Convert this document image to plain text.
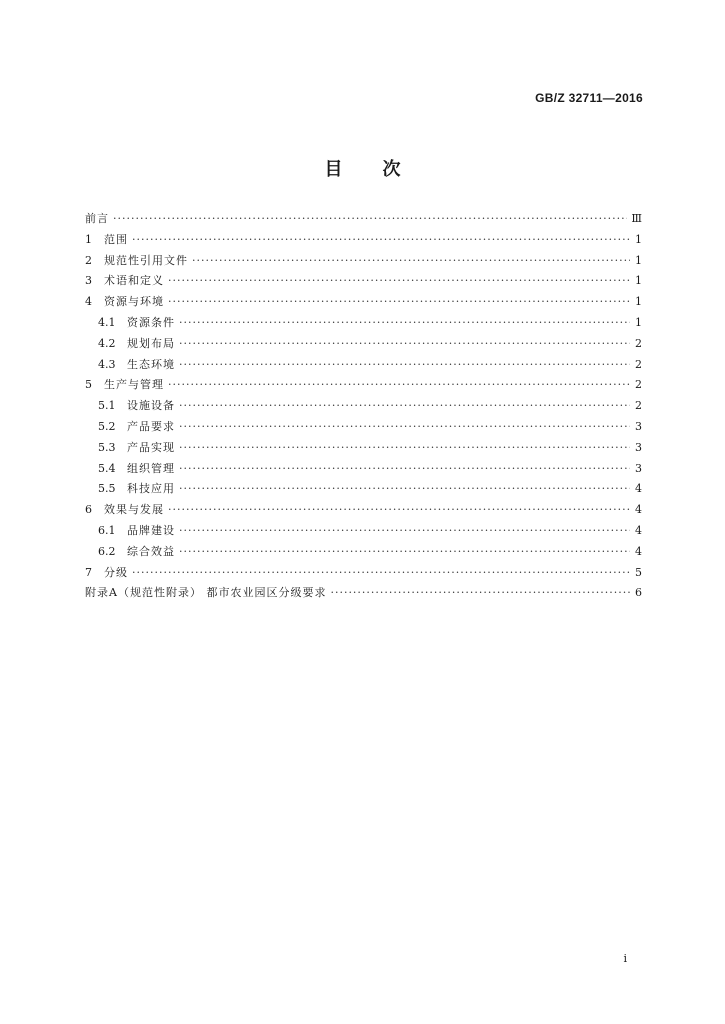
GB/Z 32711—2016
目 次
前言 ·····	Ⅲ
1	范围 ·····	1
2	规范性引用文件 ·····	1
3	术语和定义 ·····	1
4	资源与环境 ·····	1
4.1	资源条件 ·····	1
4.2	规划布局 ·····	2
4.3	生态环境 ·····	2
5	生产与管理 ·····	2
5.1	设施设备 ·····	2
5.2	产品要求 ·····	3
5.3	产品实现 ·····	3
5.4	组织管理 ·····	3
5.5	科技应用 ·····	4
6	效果与发展 ·····	4
6.1	品牌建设 ·····	4
6.2	综合效益 ·····	4
7	分级 ·····	5
附录A（规范性附录） 都市农业园区分级要求 ·····	6
i
